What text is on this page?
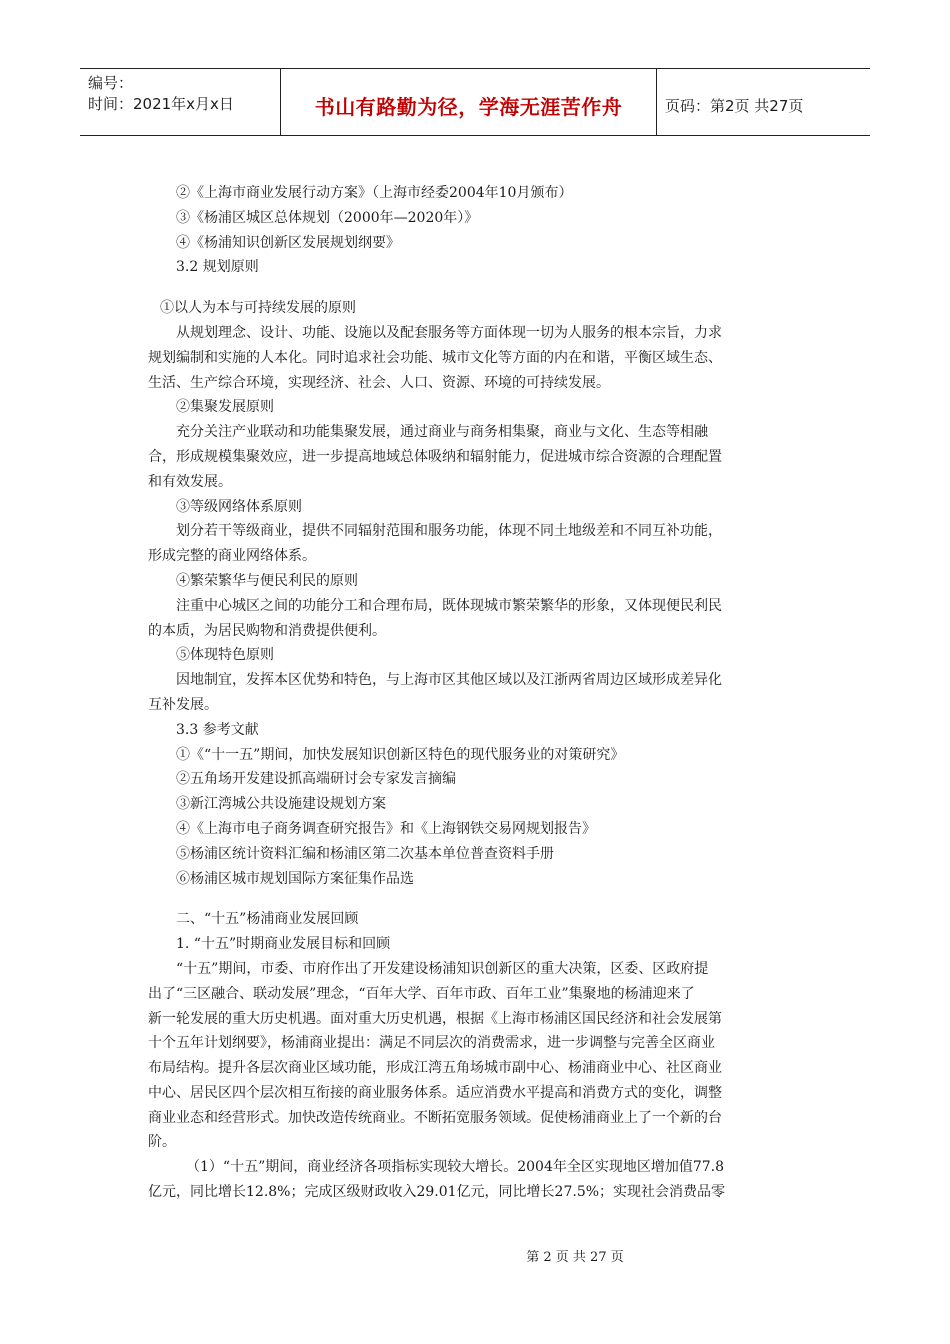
编号：
时间：2021年x月x日	书山有路勤为径，学海无涯苦作舟	页码：第2页 共27页

②《上海市商业发展行动方案》（上海市经委2004年10月颁布）

③《杨浦区城区总体规划（2000年—2020年）》

④《杨浦知识创新区发展规划纲要》

3.2 规划原则

①以人为本与可持续发展的原则

从规划理念、设计、功能、设施以及配套服务等方面体现一切为人服务的根本宗旨，力求

规划编制和实施的人本化。同时追求社会功能、城市文化等方面的内在和谐，平衡区域生态、

生活、生产综合环境，实现经济、社会、人口、资源、环境的可持续发展。

②集聚发展原则

充分关注产业联动和功能集聚发展，通过商业与商务相集聚，商业与文化、生态等相融

合，形成规模集聚效应，进一步提高地域总体吸纳和辐射能力，促进城市综合资源的合理配置

和有效发展。

③等级网络体系原则

划分若干等级商业，提供不同辐射范围和服务功能，体现不同土地级差和不同互补功能，

形成完整的商业网络体系。

④繁荣繁华与便民利民的原则

注重中心城区之间的功能分工和合理布局，既体现城市繁荣繁华的形象，又体现便民利民

的本质，为居民购物和消费提供便利。

⑤体现特色原则

因地制宜，发挥本区优势和特色，与上海市区其他区域以及江浙两省周边区域形成差异化

互补发展。

3.3 参考文献

①《“十一五”期间，加快发展知识创新区特色的现代服务业的对策研究》

②五角场开发建设抓高端研讨会专家发言摘编

③新江湾城公共设施建设规划方案

④《上海市电子商务调查研究报告》和《上海钢铁交易网规划报告》

⑤杨浦区统计资料汇编和杨浦区第二次基本单位普查资料手册

⑥杨浦区城市规划国际方案征集作品选

二、“十五”杨浦商业发展回顾

1. “十五”时期商业发展目标和回顾

“十五”期间，市委、市府作出了开发建设杨浦知识创新区的重大决策，区委、区政府提

出了“三区融合、联动发展”理念，“百年大学、百年市政、百年工业”集聚地的杨浦迎来了

新一轮发展的重大历史机遇。面对重大历史机遇，根据《上海市杨浦区国民经济和社会发展第

十个五年计划纲要》，杨浦商业提出：满足不同层次的消费需求，进一步调整与完善全区商业

布局结构。提升各层次商业区域功能，形成江湾五角场城市副中心、杨浦商业中心、社区商业

中心、居民区四个层次相互衔接的商业服务体系。适应消费水平提高和消费方式的变化，调整

商业业态和经营形式。加快改造传统商业。不断拓宽服务领域。促使杨浦商业上了一个新的台

阶。

（1）“十五”期间，商业经济各项指标实现较大增长。2004年全区实现地区增加值77.8

亿元，同比增长12.8%；完成区级财政收入29.01亿元，同比增长27.5%；实现社会消费品零

第 2 页 共 27 页
